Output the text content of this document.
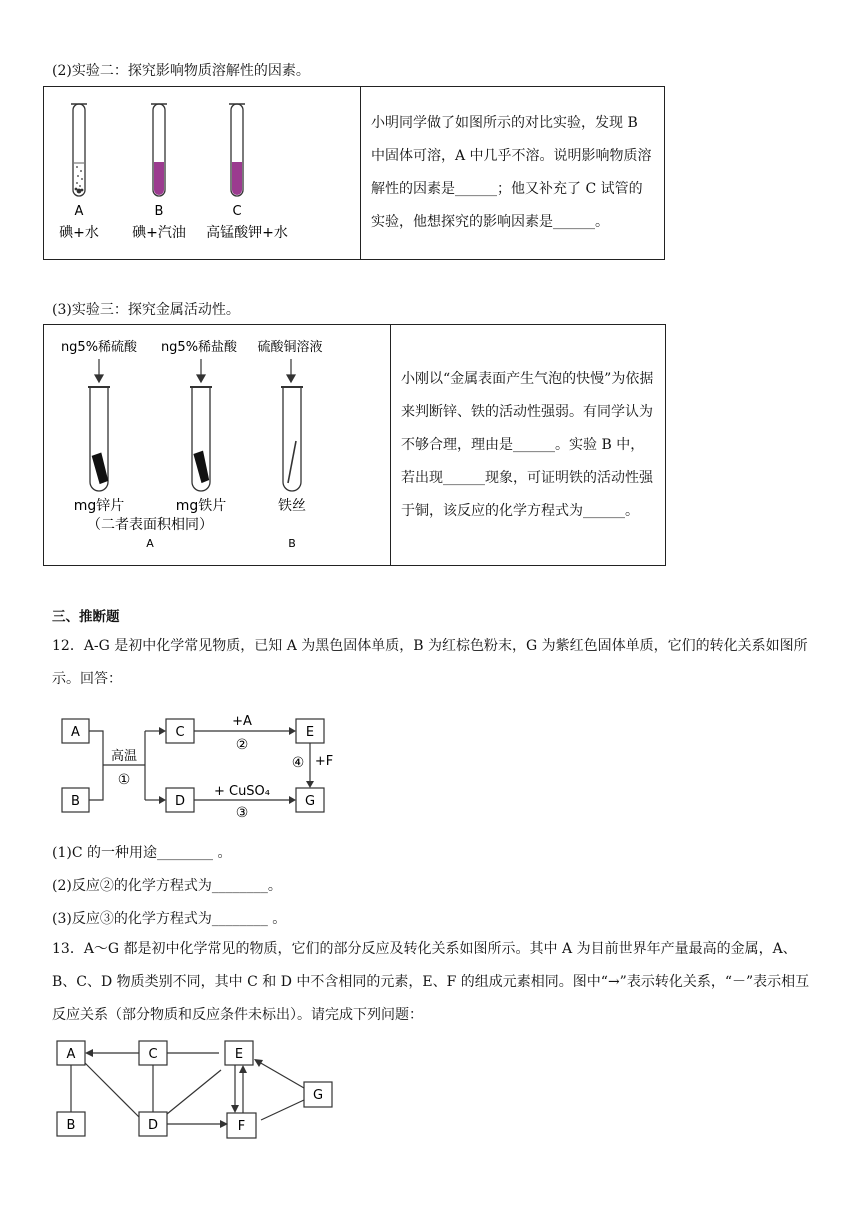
(2)实验二：探究影响物质溶解性的因素。
A	B	C
碘+水 碘+汽油 高锰酸钾+水

小明同学做了如图所示的对比实验，发现 B 中固体可溶，A 中几乎不溶。说明影响物质溶解性的因素是______；他又补充了 C 试管的实验，他想探究的影响因素是______。
(3)实验三：探究金属活动性。
ng5%稀硫酸 ng5%稀盐酸 硫酸铜溶液
mg锌片	mg铁片	铁丝
（二者表面积相同）
A	B

小刚以“金属表面产生气泡的快慢”为依据来判断锌、铁的活动性强弱。有同学认为不够合理，理由是______。实验 B 中，若出现______现象，可证明铁的活动性强于铜，该反应的化学方程式为______。
三、推断题
12．A-G 是初中化学常见物质，已知 A 为黑色固体单质，B 为红棕色粉末，G 为紫红色固体单质，它们的转化关系如图所示。回答：
A
B
C
D
E
G
高温
①
+A
②
+ CuSO₄
③
④ +F
(1)C 的一种用途________ 。
(2)反应②的化学方程式为________。
(3)反应③的化学方程式为________ 。
13．A～G 都是初中化学常见的物质，它们的部分反应及转化关系如图所示。其中 A 为目前世界年产量最高的金属，A、B、C、D 物质类别不同，其中 C 和 D 中不含相同的元素，E、F 的组成元素相同。图中“→”表示转化关系，“－”表示相互反应关系（部分物质和反应条件未标出）。请完成下列问题：
A
B
C
D
E
F
G
